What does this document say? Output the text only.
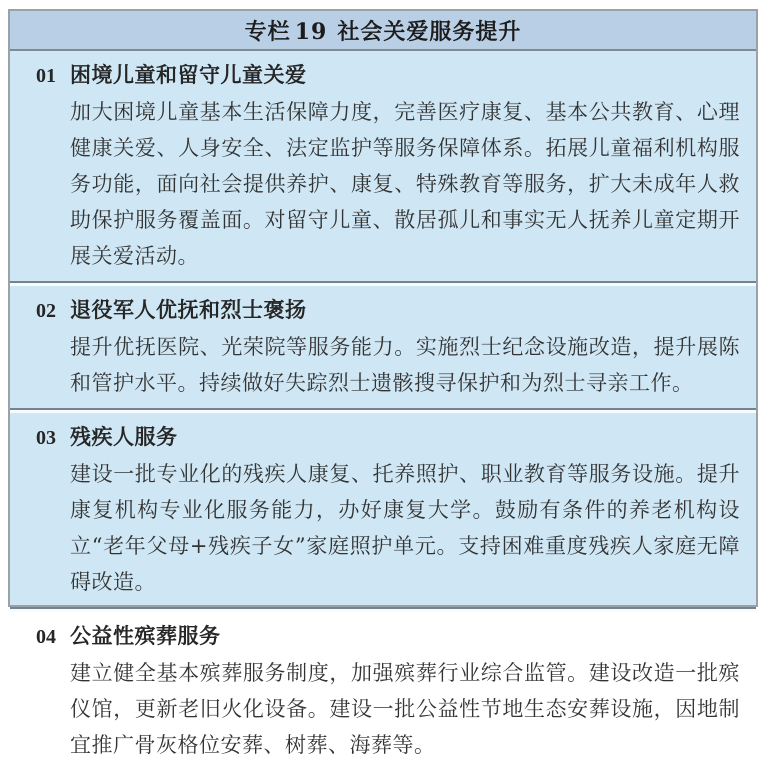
专栏 19 社会关爱服务提升
01 困境儿童和留守儿童关爱

加大困境儿童基本生活保障力度，完善医疗康复、基本公共教育、心理健康关爱、人身安全、法定监护等服务保障体系。拓展儿童福利机构服务功能，面向社会提供养护、康复、特殊教育等服务，扩大未成年人救助保护服务覆盖面。对留守儿童、散居孤儿和事实无人抚养儿童定期开展关爱活动。

02 退役军人优抚和烈士褒扬

提升优抚医院、光荣院等服务能力。实施烈士纪念设施改造，提升展陈和管护水平。持续做好失踪烈士遗骸搜寻保护和为烈士寻亲工作。

03 残疾人服务

建设一批专业化的残疾人康复、托养照护、职业教育等服务设施。提升康复机构专业化服务能力，办好康复大学。鼓励有条件的养老机构设立“老年父母+残疾子女”家庭照护单元。支持困难重度残疾人家庭无障碍改造。

04 公益性殡葬服务

建立健全基本殡葬服务制度，加强殡葬行业综合监管。建设改造一批殡仪馆，更新老旧火化设备。建设一批公益性节地生态安葬设施，因地制宜推广骨灰格位安葬、树葬、海葬等。
